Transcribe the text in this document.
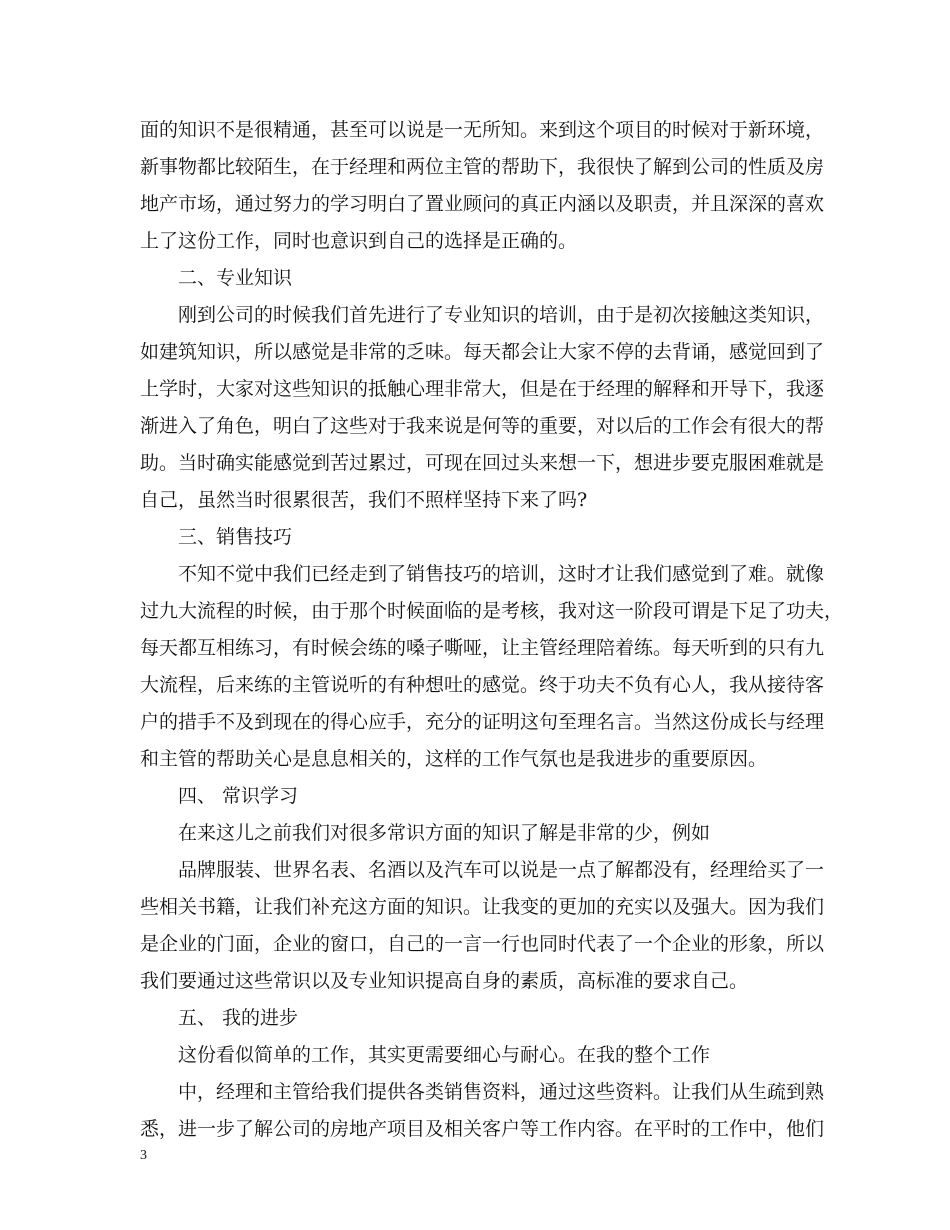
面的知识不是很精通，甚至可以说是一无所知。来到这个项目的时候对于新环境，
新事物都比较陌生，在于经理和两位主管的帮助下，我很快了解到公司的性质及房
地产市场，通过努力的学习明白了置业顾问的真正内涵以及职责，并且深深的喜欢
上了这份工作，同时也意识到自己的选择是正确的。
二、专业知识
刚到公司的时候我们首先进行了专业知识的培训，由于是初次接触这类知识，
如建筑知识，所以感觉是非常的乏味。每天都会让大家不停的去背诵，感觉回到了
上学时，大家对这些知识的抵触心理非常大，但是在于经理的解释和开导下，我逐
渐进入了角色，明白了这些对于我来说是何等的重要，对以后的工作会有很大的帮
助。当时确实能感觉到苦过累过，可现在回过头来想一下，想进步要克服困难就是
自己，虽然当时很累很苦，我们不照样坚持下来了吗?
三、销售技巧
不知不觉中我们已经走到了销售技巧的培训，这时才让我们感觉到了难。就像
过九大流程的时候，由于那个时候面临的是考核，我对这一阶段可谓是下足了功夫，
每天都互相练习，有时候会练的嗓子嘶哑，让主管经理陪着练。每天听到的只有九
大流程，后来练的主管说听的有种想吐的感觉。终于功夫不负有心人，我从接待客
户的措手不及到现在的得心应手，充分的证明这句至理名言。当然这份成长与经理
和主管的帮助关心是息息相关的，这样的工作气氛也是我进步的重要原因。
四、 常识学习
在来这儿之前我们对很多常识方面的知识了解是非常的少，例如
品牌服装、世界名表、名酒以及汽车可以说是一点了解都没有，经理给买了一
些相关书籍，让我们补充这方面的知识。让我变的更加的充实以及强大。因为我们
是企业的门面，企业的窗口，自己的一言一行也同时代表了一个企业的形象，所以
我们要通过这些常识以及专业知识提高自身的素质，高标准的要求自己。
五、 我的进步
这份看似简单的工作，其实更需要细心与耐心。在我的整个工作
中，经理和主管给我们提供各类销售资料，通过这些资料。让我们从生疏到熟
悉，进一步了解公司的房地产项目及相关客户等工作内容。在平时的工作中，他们
3
